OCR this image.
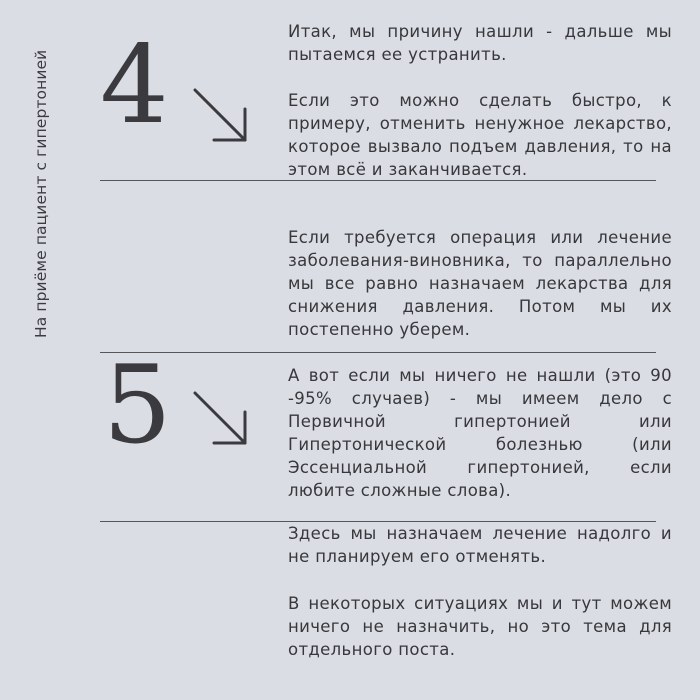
На приёме пациент с гипертонией 4	Итак, мы причину нашли - дальше мы пытаемся ее устранить.

Если это можно сделать быстро, к примеру, отменить ненужное лекарство, которое вызвало подъем давления, то на этом всё и заканчивается.

Если требуется операция или лечение заболевания-виновника, то параллельно мы все равно назначаем лекарства для снижения давления. Потом мы их постепенно уберем.

5	А вот если мы ничего не нашли (это 90 -95% случаев) - мы имеем дело с Первичной гипертонией или Гипертонической болезнью (или Эссенциальной гипертонией, если любите сложные слова).

Здесь мы назначаем лечение надолго и не планируем его отменять.

В некоторых ситуациях мы и тут можем ничего не назначить, но это тема для отдельного поста.
